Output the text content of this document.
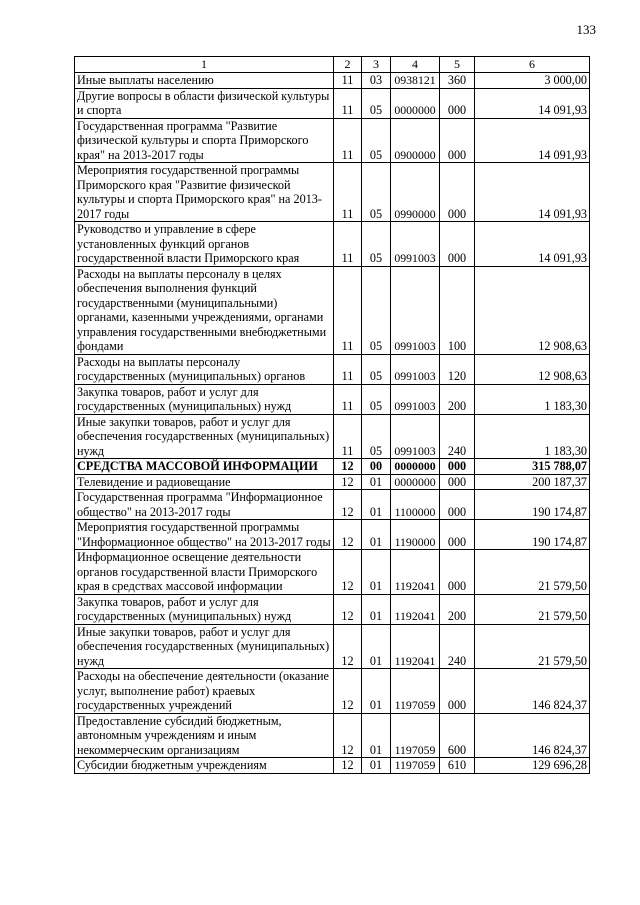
133
1	2	3	4	5	6
Иные выплаты населению	11	03	0938121	360	3 000,00
Другие вопросы в области физической культуры и спорта	11	05	0000000	000	14 091,93
Государственная программа "Развитие физической культуры и спорта Приморского края" на 2013-2017 годы	11	05	0900000	000	14 091,93
Мероприятия государственной программы Приморского края "Развитие физической культуры и спорта Приморского края" на 2013-2017 годы	11	05	0990000	000	14 091,93
Руководство и управление в сфере установленных функций органов государственной власти Приморского края	11	05	0991003	000	14 091,93
Расходы на выплаты персоналу в целях обеспечения выполнения функций государственными (муниципальными) органами, казенными учреждениями, органами управления государственными внебюджетными фондами	11	05	0991003	100	12 908,63
Расходы на выплаты персоналу государственных (муниципальных) органов	11	05	0991003	120	12 908,63
Закупка товаров, работ и услуг для государственных (муниципальных) нужд	11	05	0991003	200	1 183,30
Иные закупки товаров, работ и услуг для обеспечения государственных (муниципальных) нужд	11	05	0991003	240	1 183,30
СРЕДСТВА МАССОВОЙ ИНФОРМАЦИИ	12	00	0000000	000	315 788,07
Телевидение и радиовещание	12	01	0000000	000	200 187,37
Государственная программа "Информационное общество" на 2013-2017 годы	12	01	1100000	000	190 174,87
Мероприятия государственной программы "Информационное общество" на 2013-2017 годы	12	01	1190000	000	190 174,87
Информационное освещение деятельности органов государственной власти Приморского края в средствах массовой информации	12	01	1192041	000	21 579,50
Закупка товаров, работ и услуг для государственных (муниципальных) нужд	12	01	1192041	200	21 579,50
Иные закупки товаров, работ и услуг для обеспечения государственных (муниципальных) нужд	12	01	1192041	240	21 579,50
Расходы на обеспечение деятельности (оказание услуг, выполнение работ) краевых государственных учреждений	12	01	1197059	000	146 824,37
Предоставление субсидий бюджетным, автономным учреждениям и иным некоммерческим организациям	12	01	1197059	600	146 824,37
Субсидии бюджетным учреждениям	12	01	1197059	610	129 696,28
